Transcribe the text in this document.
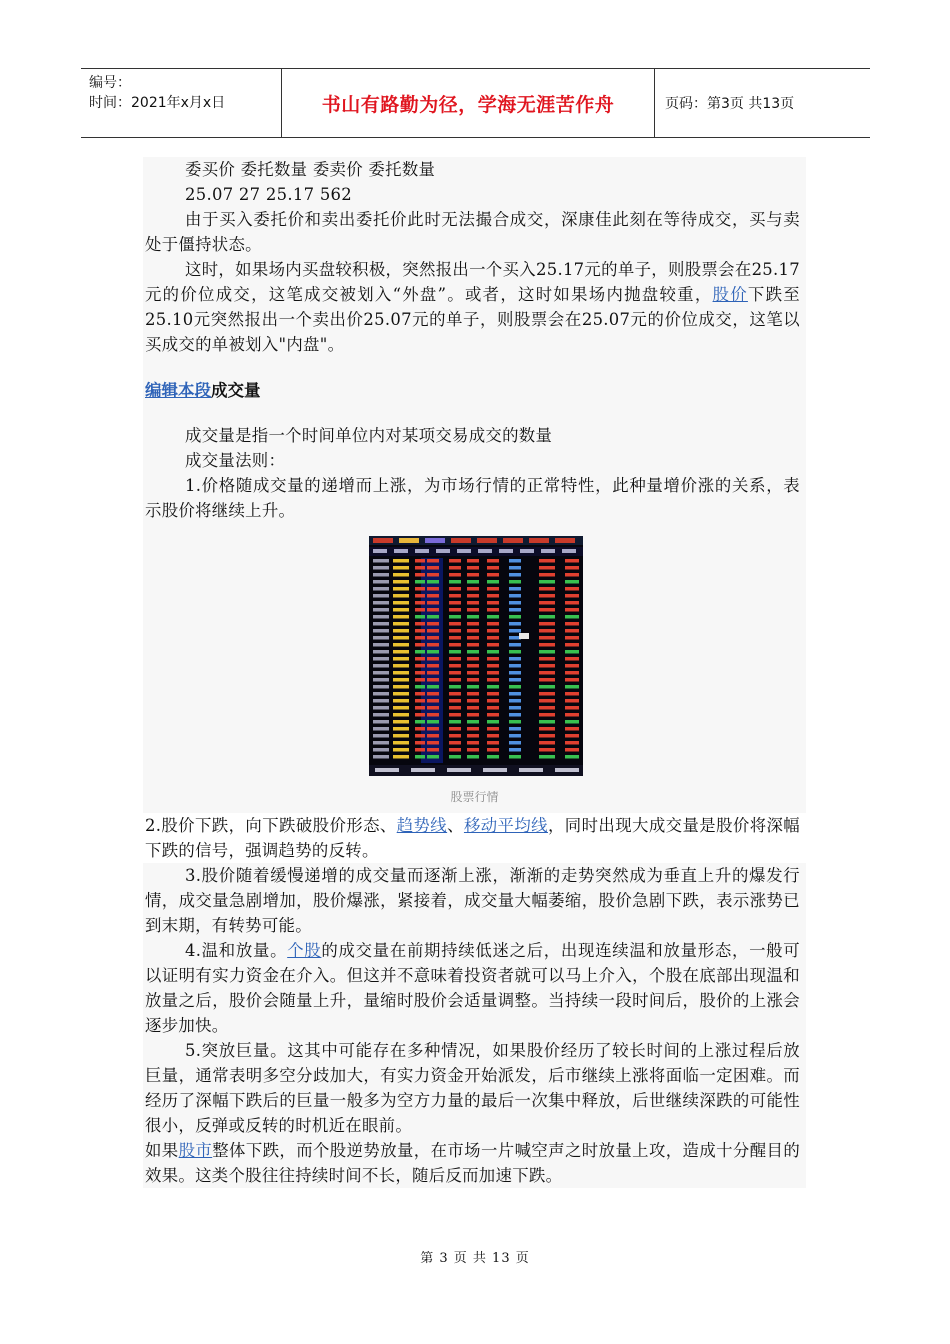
编号：
时间：2021年x月x日	书山有路勤为径，学海无涯苦作舟	页码：第3页 共13页

委买价 委托数量 委卖价 委托数量

25.07 27 25.17 562

由于买入委托价和卖出委托价此时无法撮合成交，深康佳此刻在等待成交，买与卖处于僵持状态。

这时，如果场内买盘较积极，突然报出一个买入25.17元的单子，则股票会在25.17元的价位成交，这笔成交被划入“外盘”。或者，这时如果场内抛盘较重，股价下跌至25.10元突然报出一个卖出价25.07元的单子，则股票会在25.07元的价位成交，这笔以买成交的单被划入"内盘"。

编辑本段成交量

成交量是指一个时间单位内对某项交易成交的数量

成交量法则：

1.价格随成交量的递增而上涨，为市场行情的正常特性，此种量增价涨的关系，表示股价将继续上升。

股票行情

2.股价下跌，向下跌破股价形态、趋势线、移动平均线，同时出现大成交量是股价将深幅下跌的信号，强调趋势的反转。

3.股价随着缓慢递增的成交量而逐渐上涨，渐渐的走势突然成为垂直上升的爆发行情，成交量急剧增加，股价爆涨，紧接着，成交量大幅萎缩，股价急剧下跌，表示涨势已到末期，有转势可能。

4.温和放量。个股的成交量在前期持续低迷之后，出现连续温和放量形态，一般可以证明有实力资金在介入。但这并不意味着投资者就可以马上介入，个股在底部出现温和放量之后，股价会随量上升，量缩时股价会适量调整。当持续一段时间后，股价的上涨会逐步加快。

5.突放巨量。这其中可能存在多种情况，如果股价经历了较长时间的上涨过程后放巨量，通常表明多空分歧加大，有实力资金开始派发，后市继续上涨将面临一定困难。而经历了深幅下跌后的巨量一般多为空方力量的最后一次集中释放，后世继续深跌的可能性很小，反弹或反转的时机近在眼前。

如果股市整体下跌，而个股逆势放量，在市场一片喊空声之时放量上攻，造成十分醒目的效果。这类个股往往持续时间不长，随后反而加速下跌。

第 3 页 共 13 页
